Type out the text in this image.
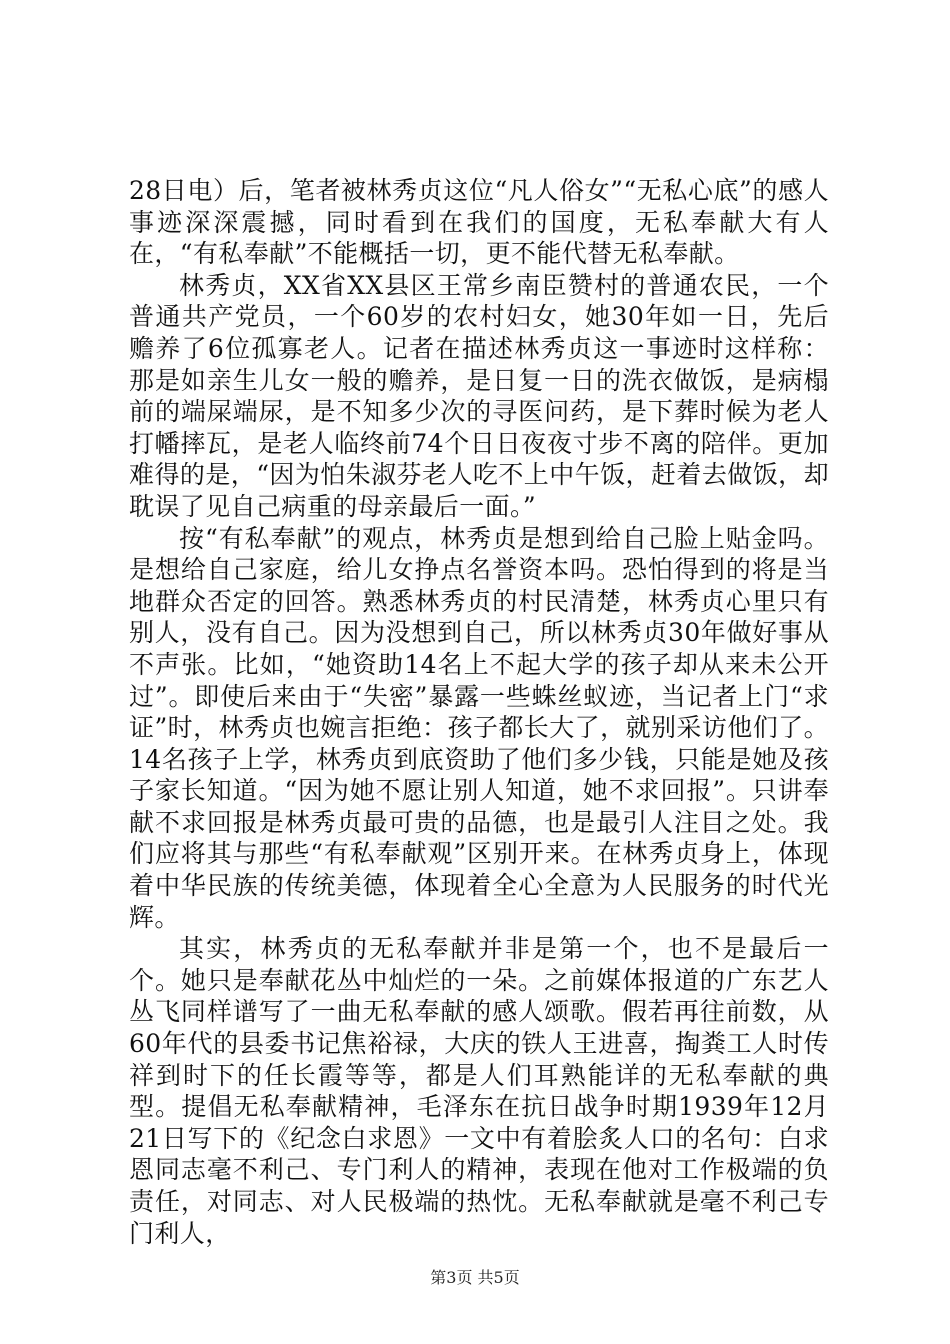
28日电）后，笔者被林秀贞这位“凡人俗女”“无私心底”的感人事迹深深震撼，同时看到在我们的国度，无私奉献大有人在，“有私奉献”不能概括一切，更不能代替无私奉献。

林秀贞，XX省XX县区王常乡南臣赞村的普通农民，一个普通共产党员，一个60岁的农村妇女，她30年如一日，先后赡养了6位孤寡老人。记者在描述林秀贞这一事迹时这样称：那是如亲生儿女一般的赡养，是日复一日的洗衣做饭，是病榻前的端屎端尿，是不知多少次的寻医问药，是下葬时候为老人打幡摔瓦，是老人临终前74个日日夜夜寸步不离的陪伴。更加难得的是，“因为怕朱淑芬老人吃不上中午饭，赶着去做饭，却耽误了见自己病重的母亲最后一面。”

按“有私奉献”的观点，林秀贞是想到给自己脸上贴金吗。是想给自己家庭，给儿女挣点名誉资本吗。恐怕得到的将是当地群众否定的回答。熟悉林秀贞的村民清楚，林秀贞心里只有别人，没有自己。因为没想到自己，所以林秀贞30年做好事从不声张。比如，“她资助14名上不起大学的孩子却从来未公开过”。即使后来由于“失密”暴露一些蛛丝蚁迹，当记者上门“求证”时，林秀贞也婉言拒绝：孩子都长大了，就别采访他们了。14名孩子上学，林秀贞到底资助了他们多少钱，只能是她及孩子家长知道。“因为她不愿让别人知道，她不求回报”。只讲奉献不求回报是林秀贞最可贵的品德，也是最引人注目之处。我们应将其与那些“有私奉献观”区别开来。在林秀贞身上，体现着中华民族的传统美德，体现着全心全意为人民服务的时代光辉。

其实，林秀贞的无私奉献并非是第一个，也不是最后一个。她只是奉献花丛中灿烂的一朵。之前媒体报道的广东艺人丛飞同样谱写了一曲无私奉献的感人颂歌。假若再往前数，从60年代的县委书记焦裕禄，大庆的铁人王进喜，掏粪工人时传祥到时下的任长霞等等，都是人们耳熟能详的无私奉献的典型。提倡无私奉献精神，毛泽东在抗日战争时期1939年12月21日写下的《纪念白求恩》一文中有着脍炙人口的名句：白求恩同志毫不利己、专门利人的精神，表现在他对工作极端的负责任，对同志、对人民极端的热忱。无私奉献就是毫不利己专门利人，

第3页 共5页
